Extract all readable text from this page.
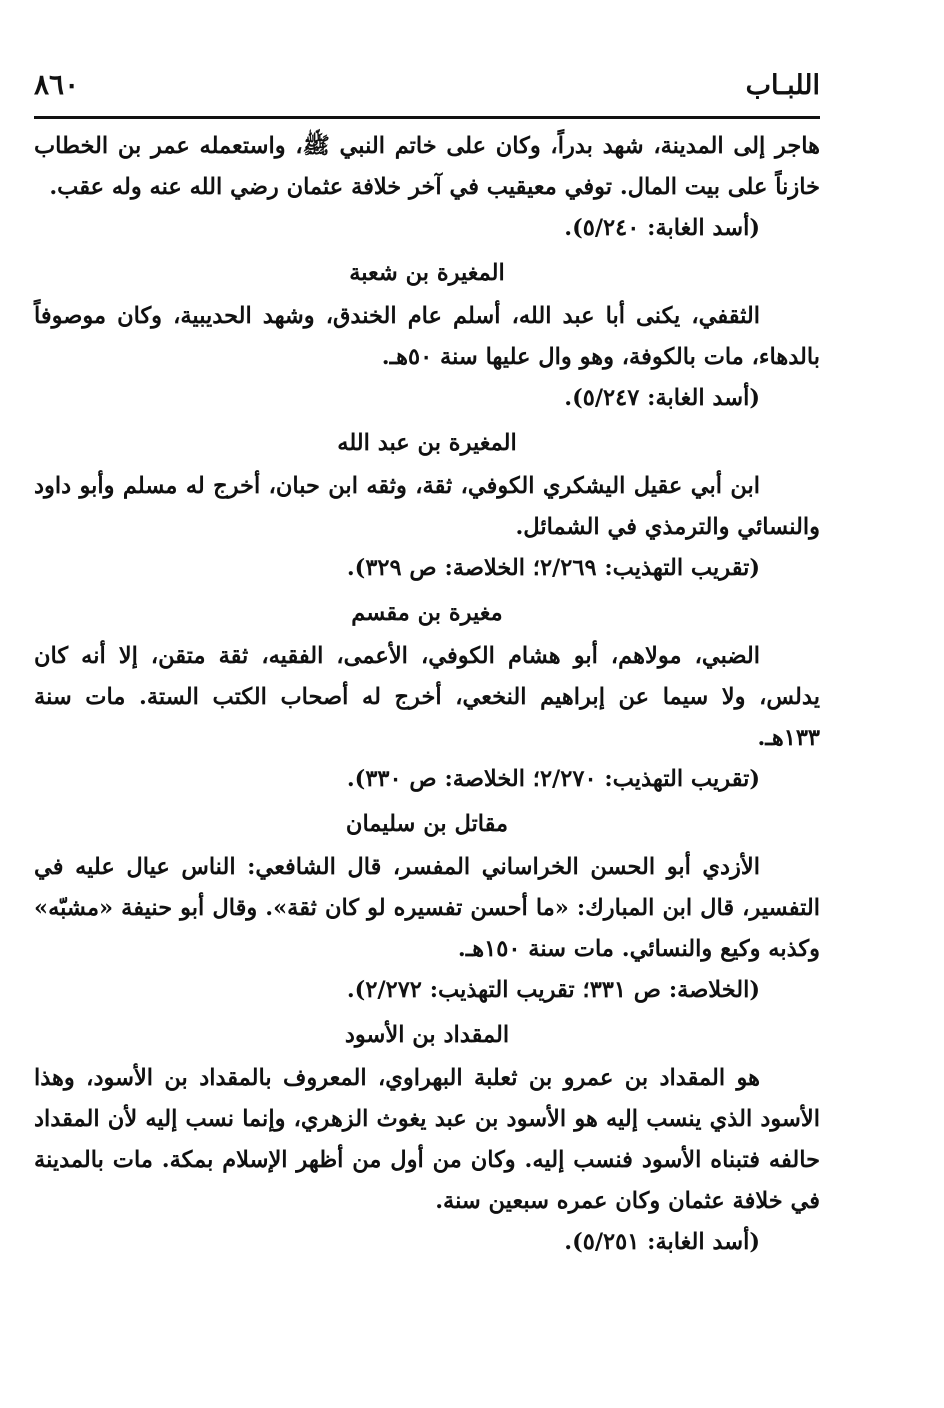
اللبـاب
٨٦٠

هاجر إلى المدينة، شهد بدراً، وكان على خاتم النبي ﷺ، واستعمله عمر بن الخطاب خازناً على بيت المال. توفي معيقيب في آخر خلافة عثمان رضي الله عنه وله عقب.

(أسد الغابة: ٥/٢٤٠).

المغيرة بن شعبة

الثقفي، يكنى أبا عبد الله، أسلم عام الخندق، وشهد الحديبية، وكان موصوفاً بالدهاء، مات بالكوفة، وهو وال عليها سنة ٥٠هـ.

(أسد الغابة: ٥/٢٤٧).

المغيرة بن عبد الله

ابن أبي عقيل اليشكري الكوفي، ثقة، وثقه ابن حبان، أخرج له مسلم وأبو داود والنسائي والترمذي في الشمائل.

(تقريب التهذيب: ٢/٢٦٩؛ الخلاصة: ص ٣٢٩).

مغيرة بن مقسم

الضبي، مولاهم، أبو هشام الكوفي، الأعمى، الفقيه، ثقة متقن، إلا أنه كان يدلس، ولا سيما عن إبراهيم النخعي، أخرج له أصحاب الكتب الستة. مات سنة ١٣٣هـ.

(تقريب التهذيب: ٢/٢٧٠؛ الخلاصة: ص ٣٣٠).

مقاتل بن سليمان

الأزدي أبو الحسن الخراساني المفسر، قال الشافعي: الناس عيال عليه في التفسير، قال ابن المبارك: «ما أحسن تفسيره لو كان ثقة». وقال أبو حنيفة «مشبّه» وكذبه وكيع والنسائي. مات سنة ١٥٠هـ.

(الخلاصة: ص ٣٣١؛ تقريب التهذيب: ٢/٢٧٢).

المقداد بن الأسود

هو المقداد بن عمرو بن ثعلبة البهراوي، المعروف بالمقداد بن الأسود، وهذا الأسود الذي ينسب إليه هو الأسود بن عبد يغوث الزهري، وإنما نسب إليه لأن المقداد حالفه فتبناه الأسود فنسب إليه. وكان من أول من أظهر الإسلام بمكة. مات بالمدينة في خلافة عثمان وكان عمره سبعين سنة.

(أسد الغابة: ٥/٢٥١).
